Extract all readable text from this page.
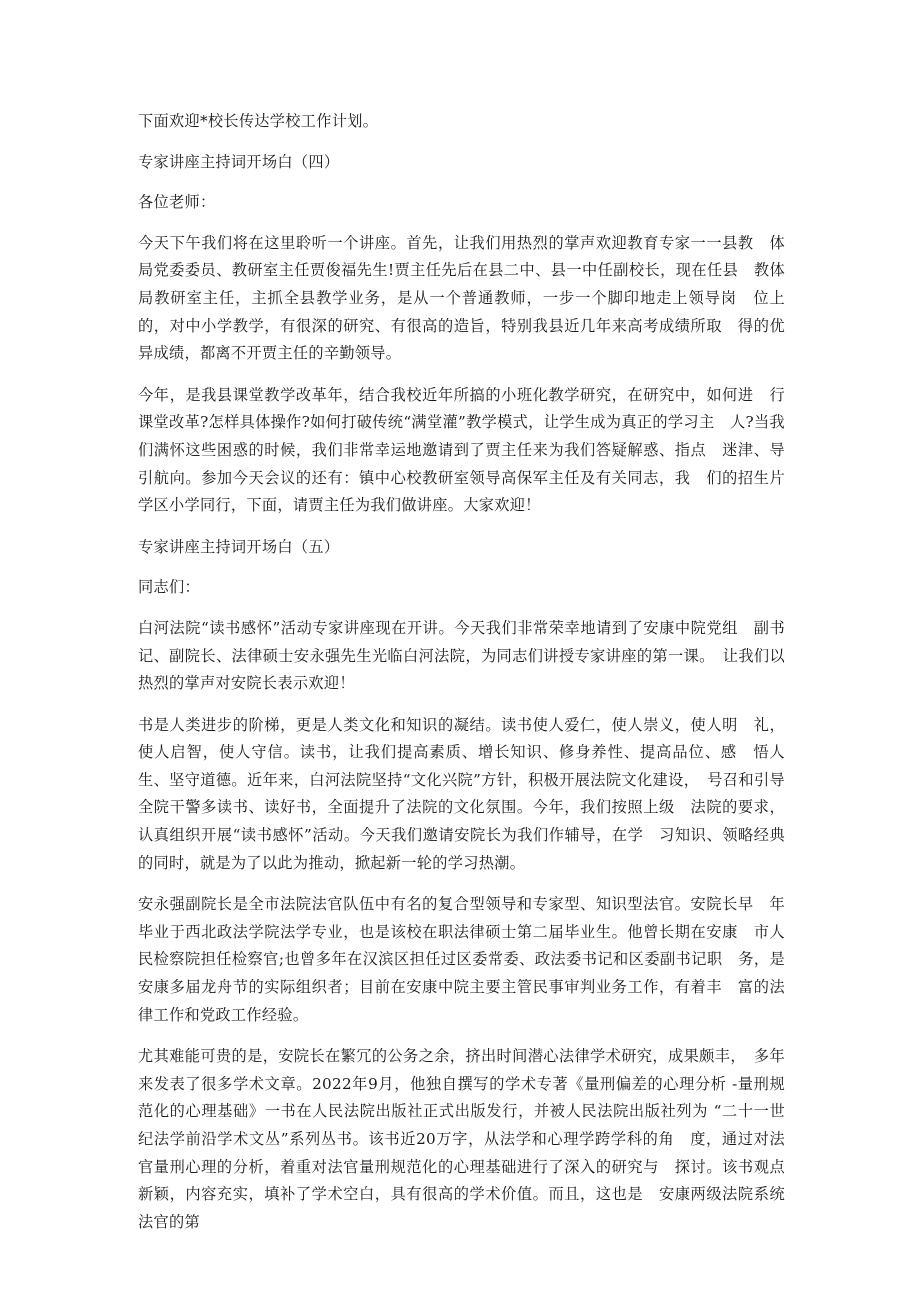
下面欢迎*校长传达学校工作计划。

专家讲座主持词开场白（四）

各位老师：

今天下午我们将在这里聆听一个讲座。首先，让我们用热烈的掌声欢迎教育专家一一县教　体局党委委员、教研室主任贾俊福先生!贾主任先后在县二中、县一中任副校长，现在任县　教体局教研室主任，主抓全县教学业务，是从一个普通教师，一步一个脚印地走上领导岗　位上的，对中小学教学，有很深的研究、有很高的造旨，特别我县近几年来高考成绩所取　得的优异成绩，都离不开贾主任的辛勤领导。

今年，是我县课堂教学改革年，结合我校近年所搞的小班化教学研究，在研究中，如何进　行课堂改革?怎样具体操作?如何打破传统“满堂灌”教学模式，让学生成为真正的学习主　人?当我们满怀这些困惑的时候，我们非常幸运地邀请到了贾主任来为我们答疑解惑、指点　迷津、导引航向。参加今天会议的还有：镇中心校教研室领导高保军主任及有关同志，我　们的招生片学区小学同行，下面，请贾主任为我们做讲座。大家欢迎！

专家讲座主持词开场白（五）

同志们：

白河法院“读书感怀”活动专家讲座现在开讲。今天我们非常荣幸地请到了安康中院党组　副书记、副院长、法律硕士安永强先生光临白河法院，为同志们讲授专家讲座的第一课。　让我们以热烈的掌声对安院长表示欢迎！

书是人类进步的阶梯，更是人类文化和知识的凝结。读书使人爱仁，使人崇义，使人明　礼，使人启智，使人守信。读书，让我们提高素质、增长知识、修身养性、提高品位、感　悟人生、坚守道德。近年来，白河法院坚持“文化兴院”方针，积极开展法院文化建设，　号召和引导全院干警多读书、读好书，全面提升了法院的文化氛围。今年，我们按照上级　法院的要求，认真组织开展“读书感怀”活动。今天我们邀请安院长为我们作辅导，在学　习知识、领略经典的同时，就是为了以此为推动，掀起新一轮的学习热潮。

安永强副院长是全市法院法官队伍中有名的复合型领导和专家型、知识型法官。安院长早　年毕业于西北政法学院法学专业，也是该校在职法律硕士第二届毕业生。他曾长期在安康　市人民检察院担任检察官;也曾多年在汉滨区担任过区委常委、政法委书记和区委副书记职　务，是安康多届龙舟节的实际组织者；目前在安康中院主要主管民事审判业务工作，有着丰　富的法律工作和党政工作经验。

尤其难能可贵的是，安院长在繁冗的公务之余，挤出时间潜心法律学术研究，成果颇丰，　多年来发表了很多学术文章。2022年9月，他独自撰写的学术专著《量刑偏差的心理分析 -量刑规范化的心理基础》一书在人民法院出版社正式出版发行，并被人民法院出版社列为 “二十一世纪法学前沿学术文丛”系列丛书。该书近20万字，从法学和心理学跨学科的角　度，通过对法官量刑心理的分析，着重对法官量刑规范化的心理基础进行了深入的研究与　探讨。该书观点新颖，内容充实，填补了学术空白，具有很高的学术价值。而且，这也是　安康两级法院系统法官的第
